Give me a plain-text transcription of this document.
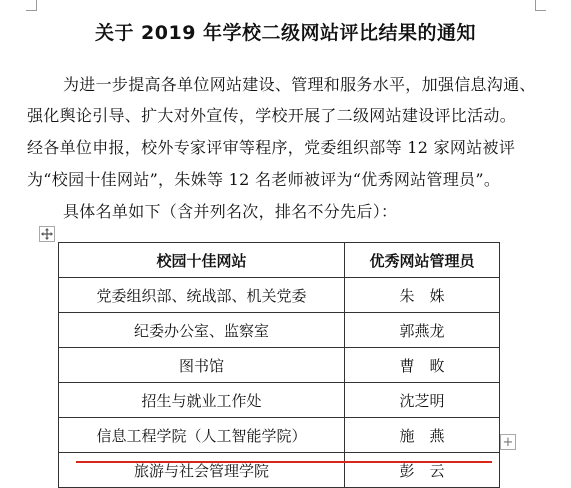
关于 2019 年学校二级网站评比结果的通知
为进一步提高各单位网站建设、管理和服务水平，加强信息沟通、
强化舆论引导、扩大对外宣传，学校开展了二级网站建设评比活动。
经各单位申报，校外专家评审等程序，党委组织部等 12 家网站被评
为“校园十佳网站”，朱姝等 12 名老师被评为“优秀网站管理员”。
具体名单如下（含并列名次，排名不分先后）：
校园十佳网站	优秀网站管理员
党委组织部、统战部、机关党委	朱　姝
纪委办公室、监察室	郭燕龙
图书馆	曹　畋
招生与就业工作处	沈芝明
信息工程学院（人工智能学院）	施　燕
旅游与社会管理学院	彭　云
+
